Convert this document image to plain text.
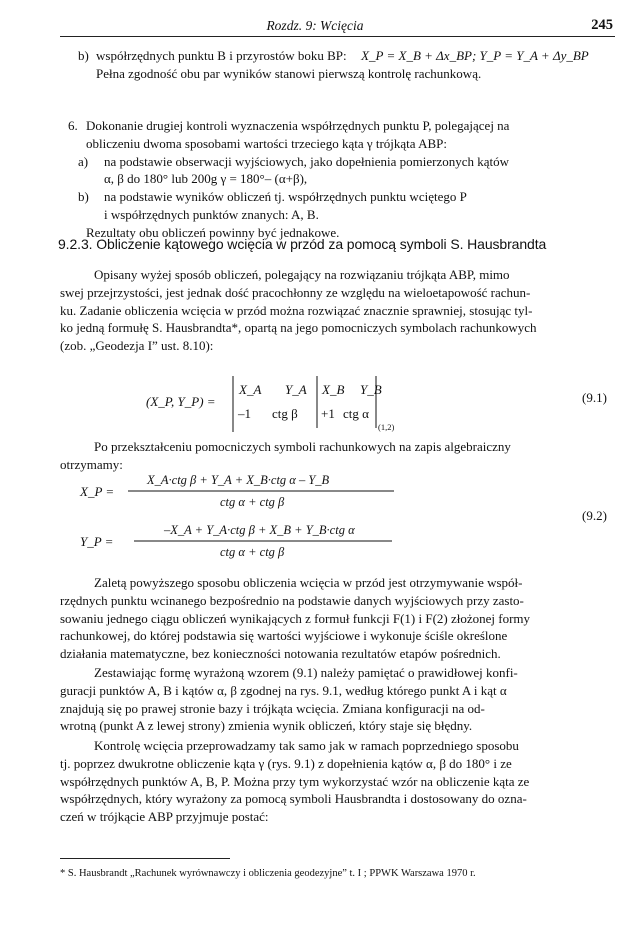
Rozdz. 9: Wcięcia	245
b) współrzędnych punktu B i przyrostów boku BP: X_P = X_B + Δx_BP; Y_P = Y_A + Δy_BP
Pełna zgodność obu par wyników stanowi pierwszą kontrolę rachunkową.
6. Dokonanie drugiej kontroli wyznaczenia współrzędnych punktu P, polegającej na
obliczeniu dwoma sposobami wartości trzeciego kąta γ trójkąta ABP:
a) na podstawie obserwacji wyjściowych, jako dopełnienia pomierzonych kątów
α, β do 180° lub 200g γ = 180°– (α+β),
b) na podstawie wyników obliczeń tj. współrzędnych punktu wciętego P
i współrzędnych punktów znanych: A, B.
Rezultaty obu obliczeń powinny być jednakowe.
9.2.3. Obliczenie kątowego wcięcia w przód za pomocą symboli S. Hausbrandta
Opisany wyżej sposób obliczeń, polegający na rozwiązaniu trójkąta ABP, mimo
swej przejrzystości, jest jednak dość pracochłonny ze względu na wieloetapowość rachun-
ku. Zadanie obliczenia wcięcia w przód można rozwiązać znacznie sprawniej, stosując tyl-
ko jedną formułę S. Hausbrandta*, opartą na jego pomocniczych symbolach rachunkowych
(zob. „Geodezja I” ust. 8.10):
(X_P, Y_P) =
X_A Y_A X_B Y_B
–1 ctg β +1 ctg α
(1,2)
(9.1)
Po przekształceniu pomocniczych symboli rachunkowych na zapis algebraiczny
otrzymamy:
X_P =
X_A·ctg β + Y_A + X_B·ctg α – Y_B
ctg α + ctg β
Y_P =
–X_A + Y_A·ctg β + X_B + Y_B·ctg α
ctg α + ctg β
(9.2)
Zaletą powyższego sposobu obliczenia wcięcia w przód jest otrzymywanie współ-
rzędnych punktu wcinanego bezpośrednio na podstawie danych wyjściowych przy zasto-
sowaniu jednego ciągu obliczeń wynikających z formuł funkcji F(1) i F(2) złożonej formy
rachunkowej, do której podstawia się wartości wyjściowe i wykonuje ściśle określone
działania matematyczne, bez konieczności notowania rezultatów etapów pośrednich.
Zestawiając formę wyrażoną wzorem (9.1) należy pamiętać o prawidłowej konfi-
guracji punktów A, B i kątów α, β zgodnej na rys. 9.1, według którego punkt A i kąt α
znajdują się po prawej stronie bazy i trójkąta wcięcia. Zmiana konfiguracji na od-
wrotną (punkt A z lewej strony) zmienia wynik obliczeń, który staje się błędny.
Kontrolę wcięcia przeprowadzamy tak samo jak w ramach poprzedniego sposobu
tj. poprzez dwukrotne obliczenie kąta γ (rys. 9.1) z dopełnienia kątów α, β do 180° i ze
współrzędnych punktów A, B, P. Można przy tym wykorzystać wzór na obliczenie kąta ze
współrzędnych, który wyrażony za pomocą symboli Hausbrandta i dostosowany do ozna-
czeń w trójkącie ABP przyjmuje postać:
* S. Hausbrandt „Rachunek wyrównawczy i obliczenia geodezyjne” t. I ; PPWK Warszawa 1970 r.
